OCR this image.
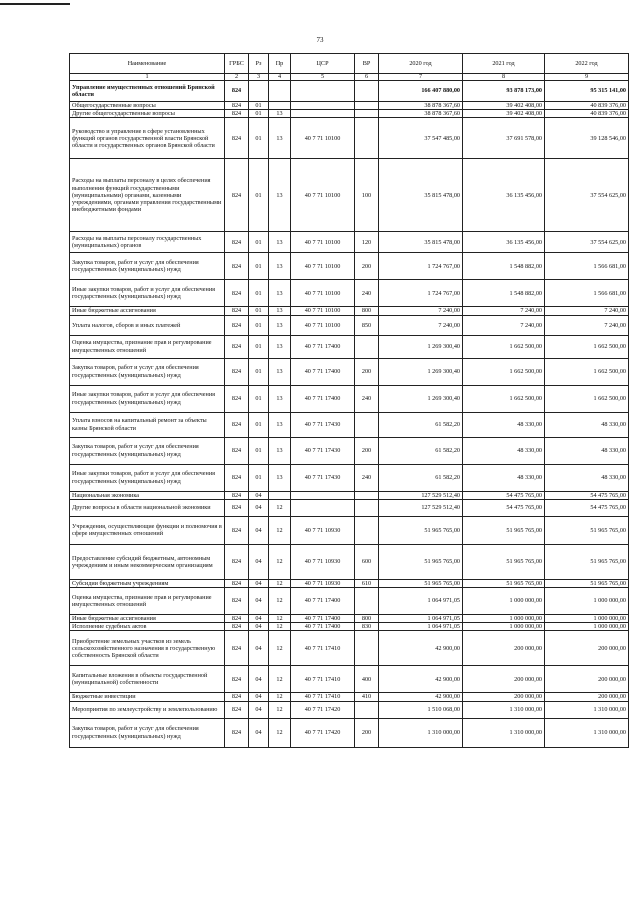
73
Наименование	ГРБС	Рз	Пр	ЦСР	ВР	2020 год	2021 год	2022 год
1	2	3	4	5	6	7	8	9
Управление имущественных отношений Брянской области	824					166 407 880,00	93 878 173,00	95 315 141,00
Общегосударственные вопросы	824	01				38 878 367,60	39 402 408,00	40 839 376,00
Другие общегосударственные вопросы	824	01	13			38 878 367,60	39 402 408,00	40 839 376,00
Руководство и управление в сфере установленных функций органов государственной власти Брянской области и государственных органов Брянской области	824	01	13	40 7 71 10100		37 547 485,00	37 691 578,00	39 128 546,00
Расходы на выплаты персоналу в целях обеспечения выполнения функций государственными (муниципальными) органами, казенными учреждениями, органами управления государственными внебюджетными фондами	824	01	13	40 7 71 10100	100	35 815 478,00	36 135 456,00	37 554 625,00
Расходы на выплаты персоналу государственных (муниципальных) органов	824	01	13	40 7 71 10100	120	35 815 478,00	36 135 456,00	37 554 625,00
Закупка товаров, работ и услуг для обеспечения государственных (муниципальных) нужд	824	01	13	40 7 71 10100	200	1 724 767,00	1 548 882,00	1 566 681,00
Иные закупки товаров, работ и услуг для обеспечения государственных (муниципальных) нужд	824	01	13	40 7 71 10100	240	1 724 767,00	1 548 882,00	1 566 681,00
Иные бюджетные ассигнования	824	01	13	40 7 71 10100	800	7 240,00	7 240,00	7 240,00
Уплата налогов, сборов и иных платежей	824	01	13	40 7 71 10100	850	7 240,00	7 240,00	7 240,00
Оценка имущества, признание прав и регулирование имущественных отношений	824	01	13	40 7 71 17400		1 269 300,40	1 662 500,00	1 662 500,00
Закупка товаров, работ и услуг для обеспечения государственных (муниципальных) нужд	824	01	13	40 7 71 17400	200	1 269 300,40	1 662 500,00	1 662 500,00
Иные закупки товаров, работ и услуг для обеспечения государственных (муниципальных) нужд	824	01	13	40 7 71 17400	240	1 269 300,40	1 662 500,00	1 662 500,00
Уплата взносов на капитальный ремонт за объекты казны Брянской области	824	01	13	40 7 71 17430		61 582,20	48 330,00	48 330,00
Закупка товаров, работ и услуг для обеспечения государственных (муниципальных) нужд	824	01	13	40 7 71 17430	200	61 582,20	48 330,00	48 330,00
Иные закупки товаров, работ и услуг для обеспечения государственных (муниципальных) нужд	824	01	13	40 7 71 17430	240	61 582,20	48 330,00	48 330,00
Национальная экономика	824	04				127 529 512,40	54 475 765,00	54 475 765,00
Другие вопросы в области национальной экономики	824	04	12			127 529 512,40	54 475 765,00	54 475 765,00
Учреждения, осуществляющие функции и полномочия в сфере имущественных отношений	824	04	12	40 7 71 10930		51 965 765,00	51 965 765,00	51 965 765,00
Предоставление субсидий бюджетным, автономным учреждениям и иным некоммерческим организациям	824	04	12	40 7 71 10930	600	51 965 765,00	51 965 765,00	51 965 765,00
Субсидии бюджетным учреждениям	824	04	12	40 7 71 10930	610	51 965 765,00	51 965 765,00	51 965 765,00
Оценка имущества, признание прав и регулирование имущественных отношений	824	04	12	40 7 71 17400		1 064 971,05	1 000 000,00	1 000 000,00
Иные бюджетные ассигнования	824	04	12	40 7 71 17400	800	1 064 971,05	1 000 000,00	1 000 000,00
Исполнение судебных актов	824	04	12	40 7 71 17400	830	1 064 971,05	1 000 000,00	1 000 000,00
Приобретение земельных участков из земель сельскохозяйственного назначения в государственную собственность Брянской области	824	04	12	40 7 71 17410		42 900,00	200 000,00	200 000,00
Капитальные вложения в объекты государственной (муниципальной) собственности	824	04	12	40 7 71 17410	400	42 900,00	200 000,00	200 000,00
Бюджетные инвестиции	824	04	12	40 7 71 17410	410	42 900,00	200 000,00	200 000,00
Мероприятия по землеустройству и землепользованию	824	04	12	40 7 71 17420		1 510 068,00	1 310 000,00	1 310 000,00
Закупка товаров, работ и услуг для обеспечения государственных (муниципальных) нужд	824	04	12	40 7 71 17420	200	1 310 000,00	1 310 000,00	1 310 000,00
